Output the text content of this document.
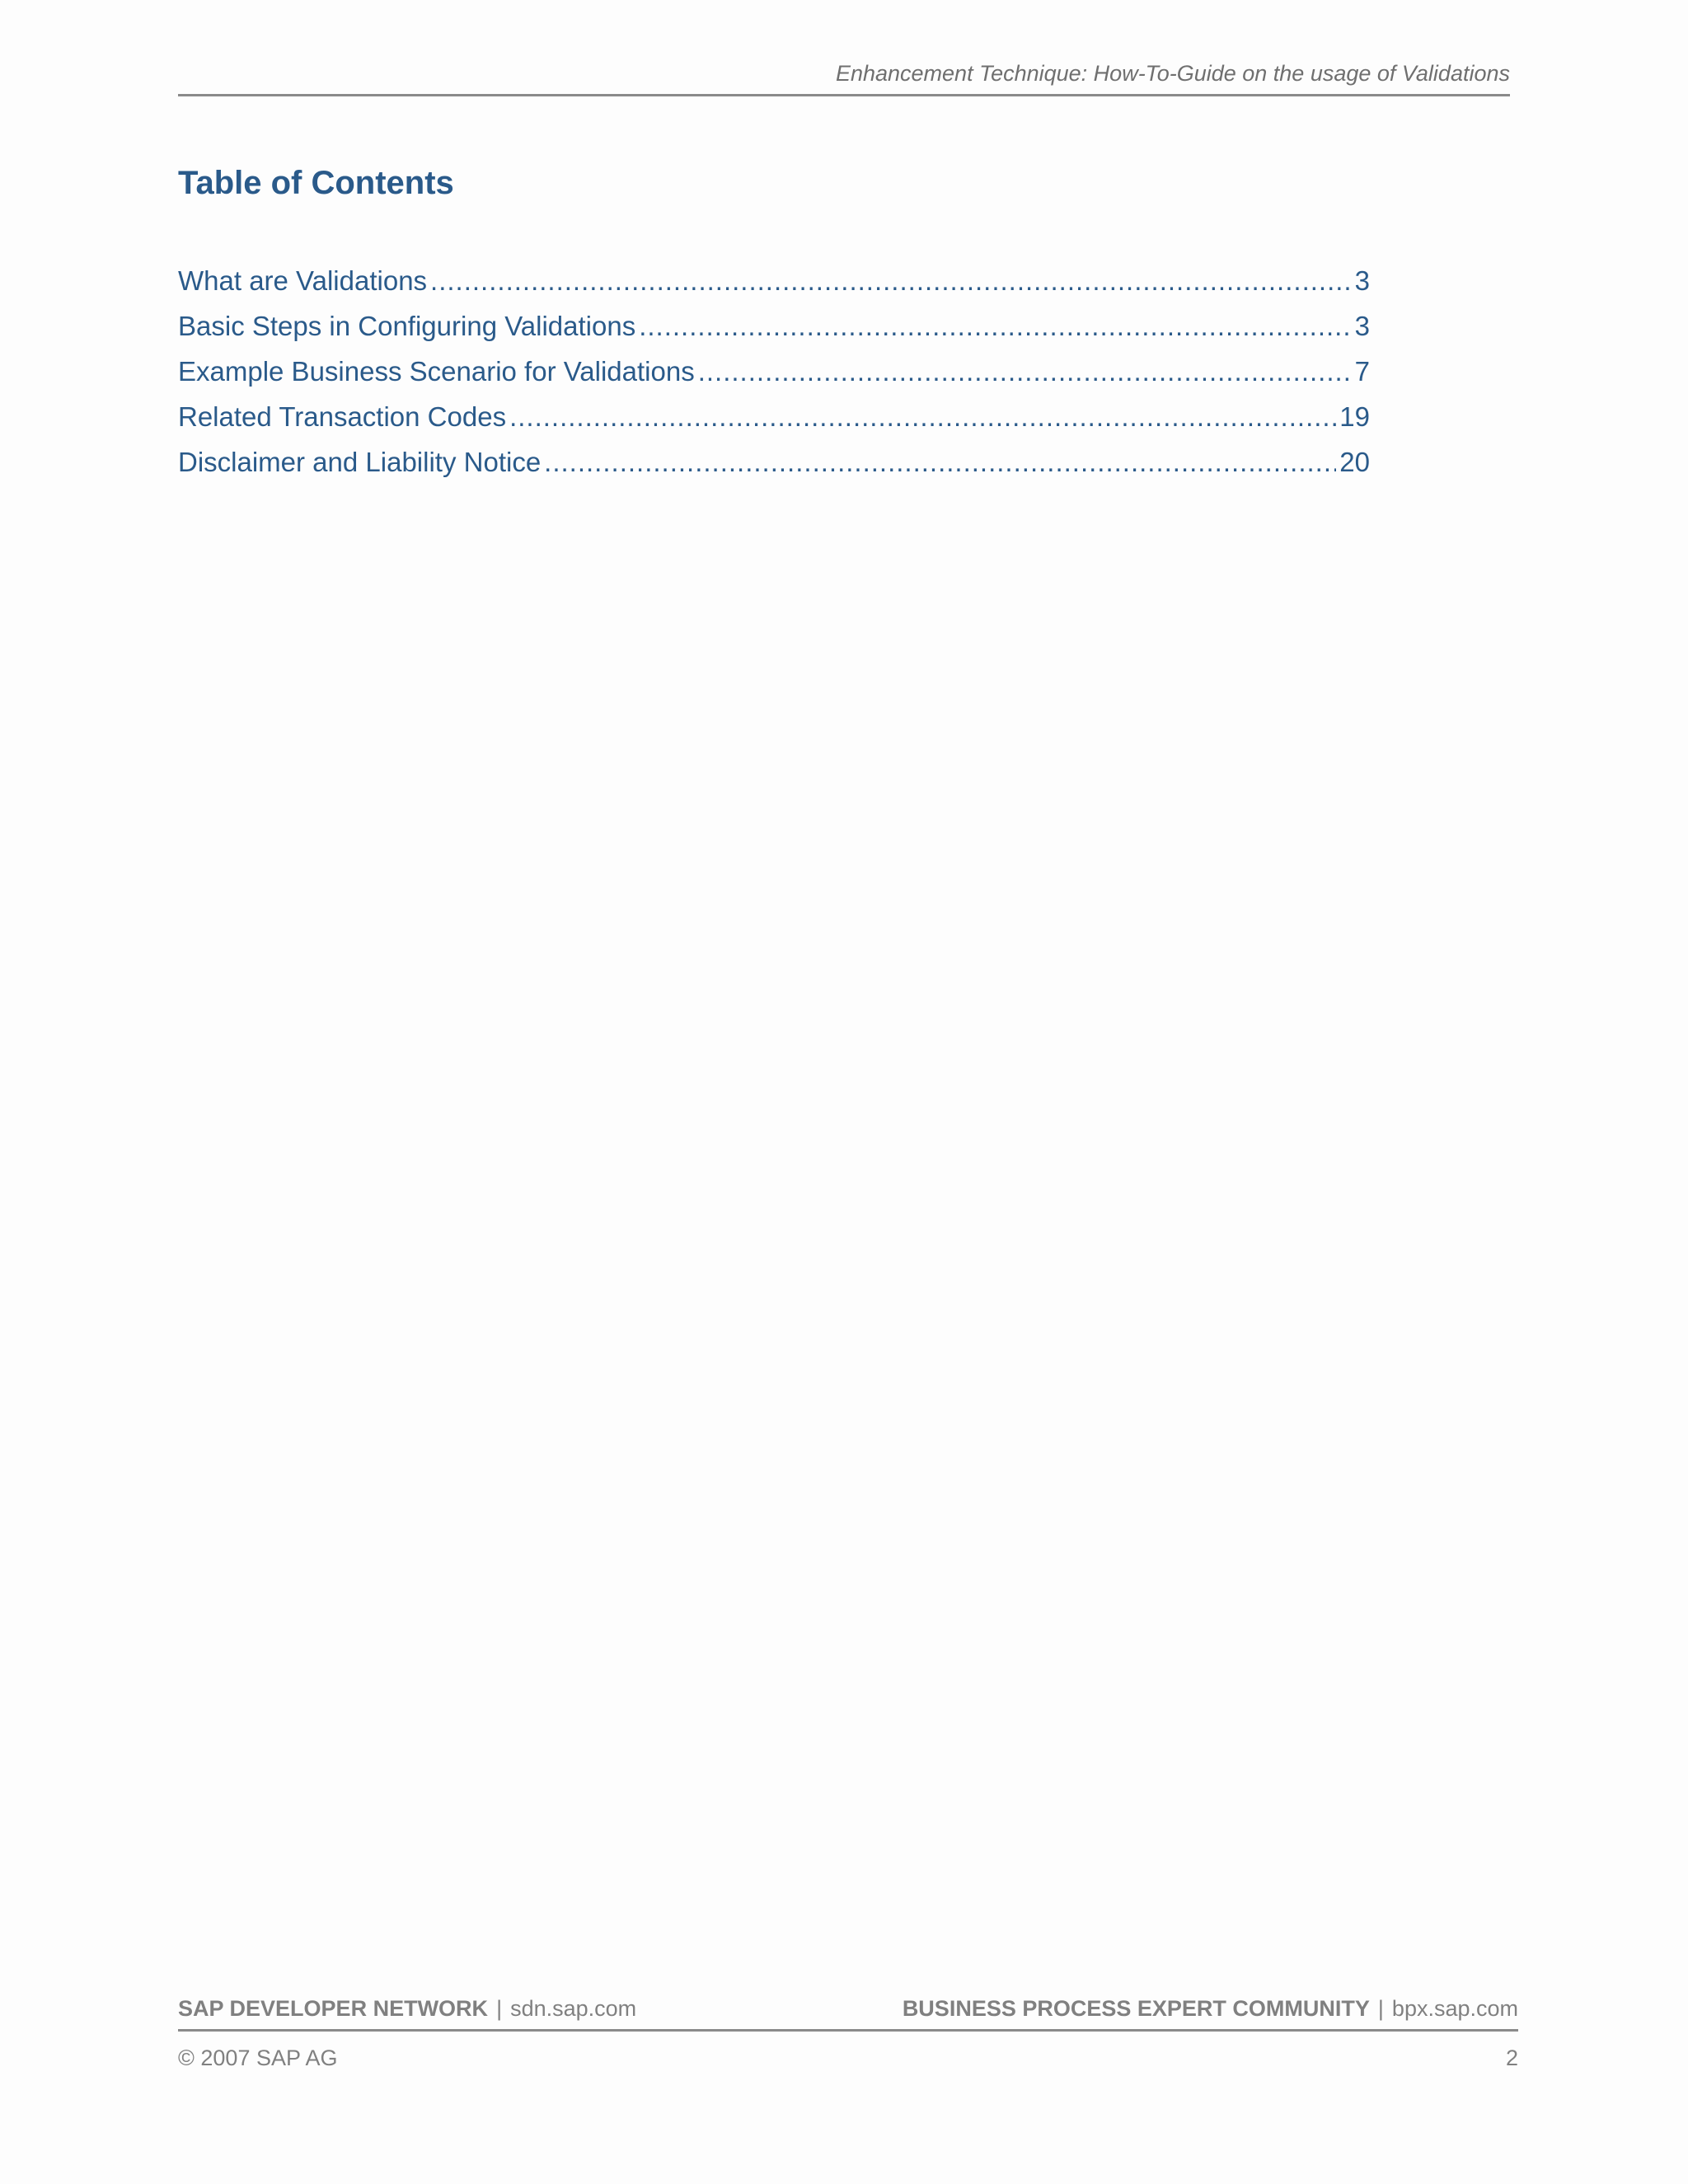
Enhancement Technique: How-To-Guide on the usage of Validations
Table of Contents
What are Validations .....	3
Basic Steps in Configuring Validations .....	3
Example Business Scenario for Validations .....	7
Related Transaction Codes .....	19
Disclaimer and Liability Notice .....	20
SAP DEVELOPER NETWORK | sdn.sap.com	BUSINESS PROCESS EXPERT COMMUNITY | bpx.sap.com
© 2007 SAP AG	2
